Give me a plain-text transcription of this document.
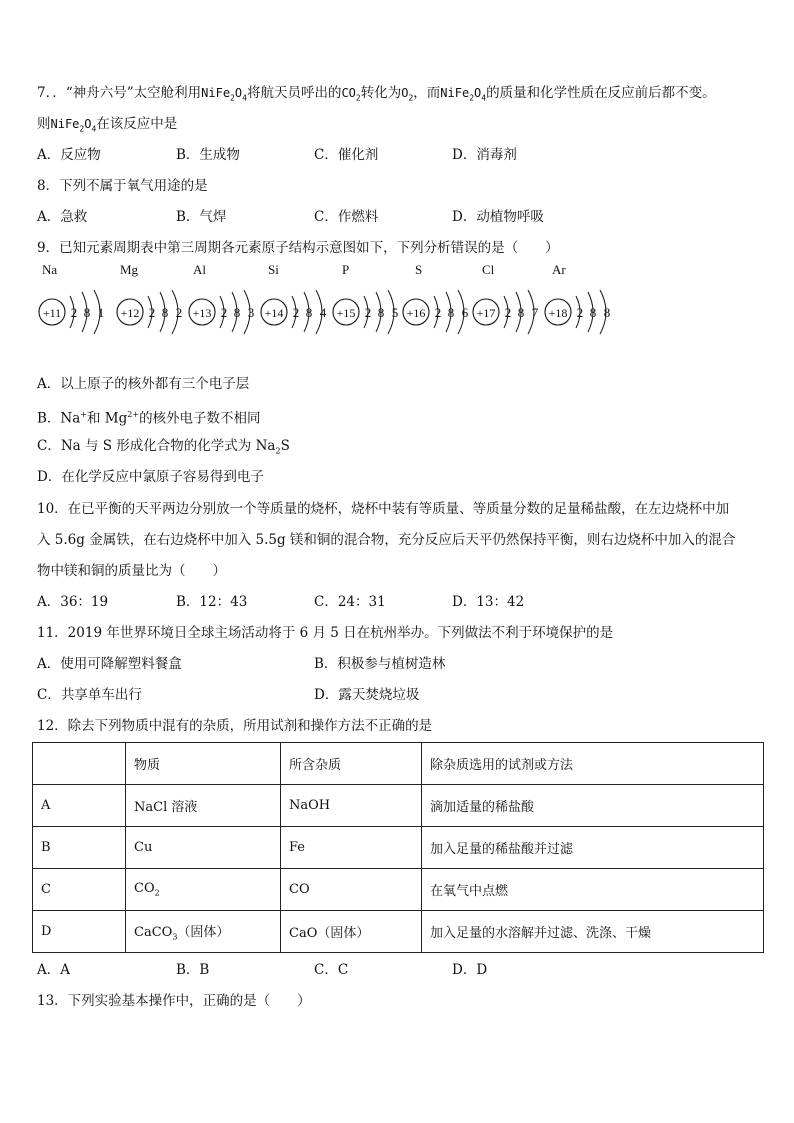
7．．“神舟六号”太空舱利用$NiFe_2O_4$将航天员呼出的$CO_2$转化为$O_2$，而$NiFe_2O_4$的质量和化学性质在反应前后都不变。
则$NiFe_2O_4$在该反应中是
A．反应物	B．生成物	C．催化剂	D．消毒剂
8．下列不属于氧气用途的是
A．急救	B．气焊	C．作燃料	D．动植物呼吸
9．已知元素周期表中第三周期各元素原子结构示意图如下，下列分析错误的是（　　）
Na	Mg	Al	Si	P	S	Cl	Ar
+11 2 8 1 +12 2 8 2 +13 2 8 3 +14 2 8 4 +15 2 8 5 +16 2 8 6 +17 2 8 7 +18 2 8 8
A．以上原子的核外都有三个电子层
B．Na+和 $Mg^{2+}$的核外电子数不相同
C．Na 与 S 形成化合物的化学式为 $Na_2S$
D．在化学反应中氯原子容易得到电子
10．在已平衡的天平两边分别放一个等质量的烧杯，烧杯中装有等质量、等质量分数的足量稀盐酸，在左边烧杯中加
入 5.6g 金属铁，在右边烧杯中加入 5.5g 镁和铜的混合物，充分反应后天平仍然保持平衡，则右边烧杯中加入的混合
物中镁和铜的质量比为（　　）
A．36：19	B．12：43	C．24：31	D．13：42
11．2019 年世界环境日全球主场活动将于 6 月 5 日在杭州举办。下列做法不利于环境保护的是
A．使用可降解塑料餐盒	B．积极参与植树造林
C．共享单车出行	D．露天焚烧垃圾
12．除去下列物质中混有的杂质，所用试剂和操作方法不正确的是
	物质	所含杂质	除杂质选用的试剂或方法
A	NaCl 溶液	NaOH	滴加适量的稀盐酸
B	Cu	Fe	加入足量的稀盐酸并过滤
C	$CO_2$	CO	在氧气中点燃
D	CaCO$_3$（固体）	CaO（固体）	加入足量的水溶解并过滤、洗涤、干燥
A．A	B．B	C．C	D．D
13．下列实验基本操作中，正确的是（　　）
